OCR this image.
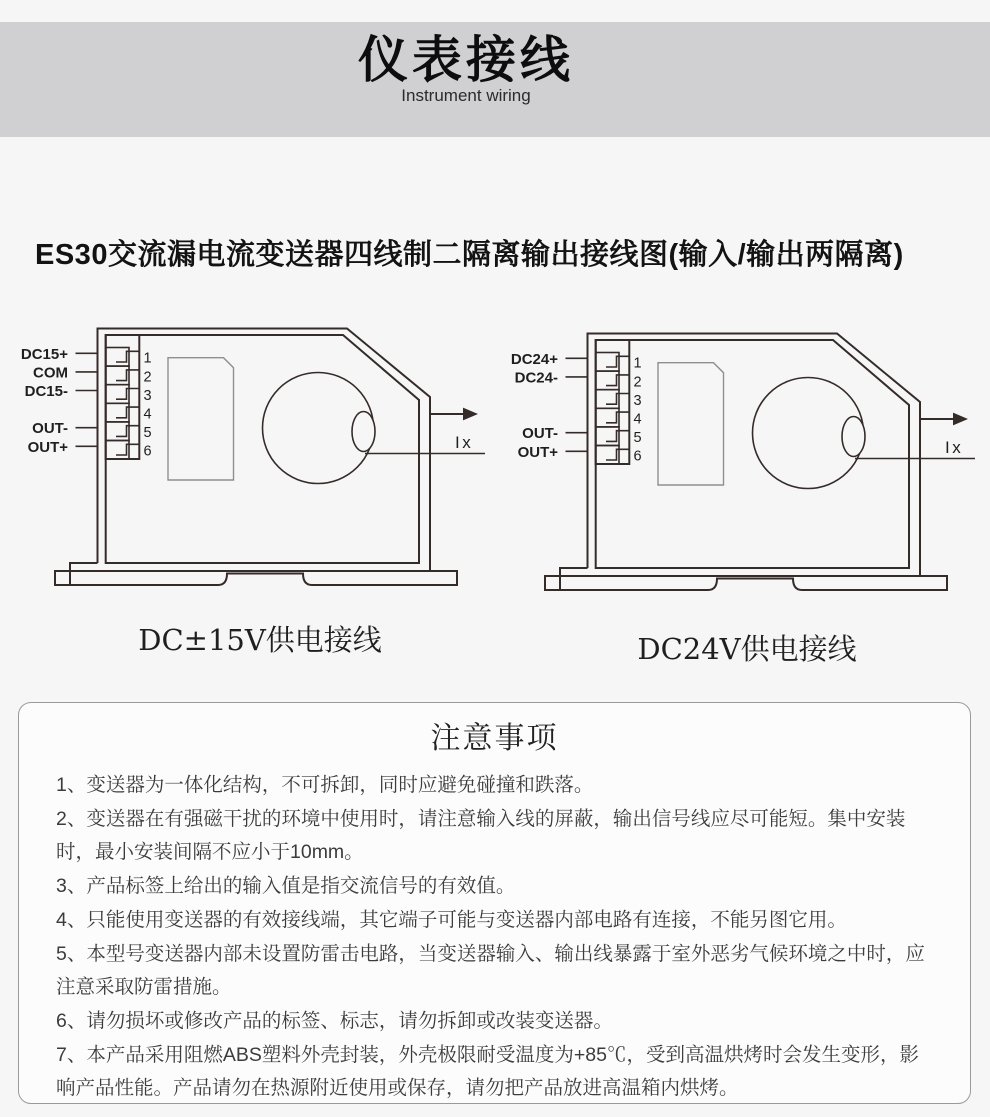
仪表接线
Instrument wiring
ES30交流漏电流变送器四线制二隔离输出接线图(输入/输出两隔离)
1
DC15+
2
COM
3
DC15-
4
5
OUT-
6
OUT+	Ix
1
DC24+
2
DC24-
3
4
5
OUT-
6
OUT+	Ix
DC±15V供电接线	DC24V供电接线
注意事项

1、变送器为一体化结构，不可拆卸，同时应避免碰撞和跌落。

2、变送器在有强磁干扰的环境中使用时，请注意输入线的屏蔽，输出信号线应尽可能短。集中安装时，最小安装间隔不应小于10mm。

3、产品标签上给出的输入值是指交流信号的有效值。

4、只能使用变送器的有效接线端，其它端子可能与变送器内部电路有连接，不能另图它用。

5、本型号变送器内部未设置防雷击电路，当变送器输入、输出线暴露于室外恶劣气候环境之中时，应注意采取防雷措施。

6、请勿损坏或修改产品的标签、标志，请勿拆卸或改装变送器。

7、本产品采用阻燃ABS塑料外壳封装，外壳极限耐受温度为+85℃，受到高温烘烤时会发生变形，影响产品性能。产品请勿在热源附近使用或保存，请勿把产品放进高温箱内烘烤。
